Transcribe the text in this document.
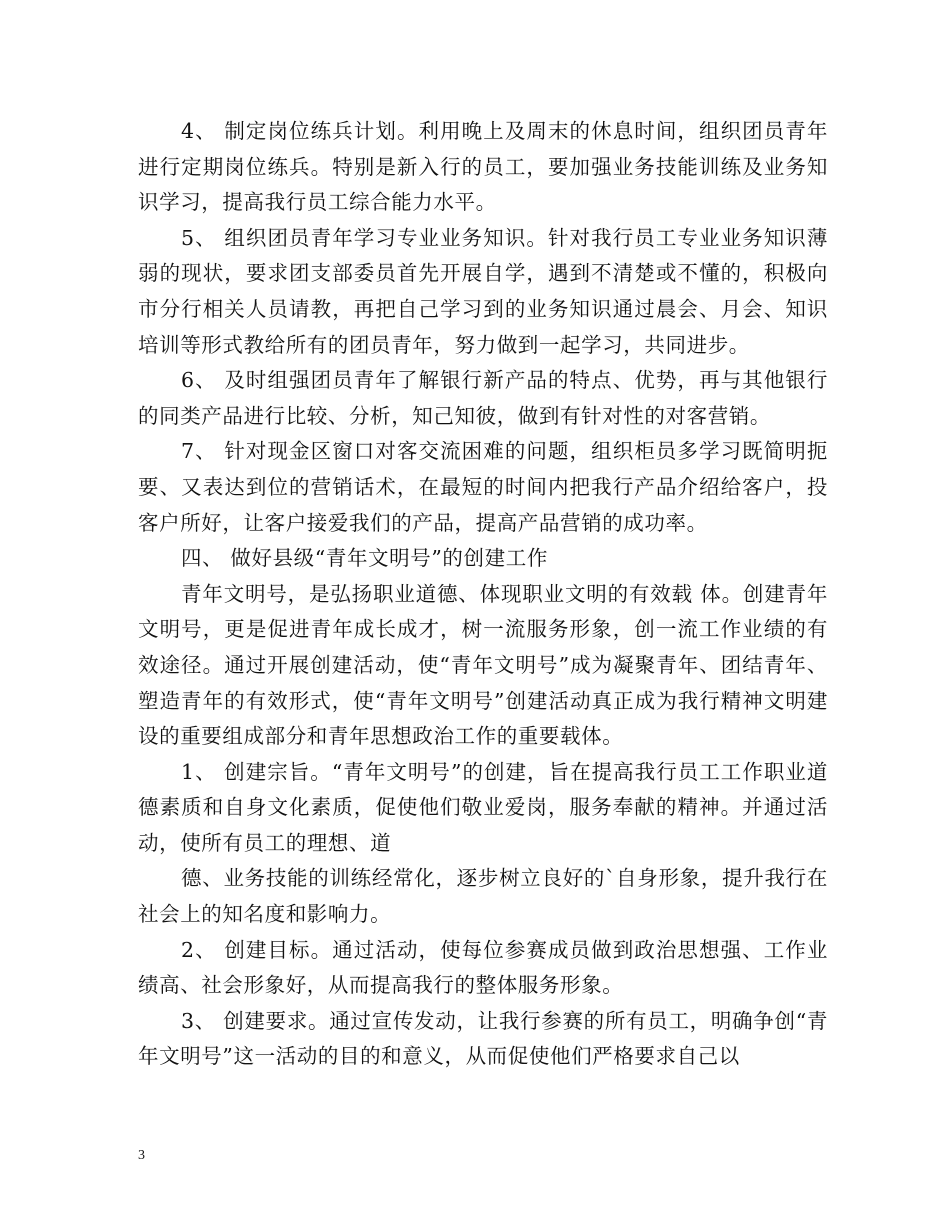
4、 制定岗位练兵计划。利用晚上及周末的休息时间，组织团员青年进行定期岗位练兵。特别是新入行的员工，要加强业务技能训练及业务知识学习，提高我行员工综合能力水平。

5、 组织团员青年学习专业业务知识。针对我行员工专业业务知识薄弱的现状，要求团支部委员首先开展自学，遇到不清楚或不懂的，积极向市分行相关人员请教，再把自己学习到的业务知识通过晨会、月会、知识培训等形式教给所有的团员青年，努力做到一起学习，共同进步。

6、 及时组强团员青年了解银行新产品的特点、优势，再与其他银行的同类产品进行比较、分析，知己知彼，做到有针对性的对客营销。

7、 针对现金区窗口对客交流困难的问题，组织柜员多学习既简明扼要、又表达到位的营销话术，在最短的时间内把我行产品介绍给客户，投客户所好，让客户接爱我们的产品，提高产品营销的成功率。

四、 做好县级“青年文明号”的创建工作

青年文明号，是弘扬职业道德、体现职业文明的有效载 体。创建青年文明号，更是促进青年成长成才，树一流服务形象，创一流工作业绩的有效途径。通过开展创建活动，使“青年文明号”成为凝聚青年、团结青年、塑造青年的有效形式，使“青年文明号”创建活动真正成为我行精神文明建设的重要组成部分和青年思想政治工作的重要载体。

1、 创建宗旨。“青年文明号”的创建，旨在提高我行员工工作职业道德素质和自身文化素质，促使他们敬业爱岗，服务奉献的精神。并通过活动，使所有员工的理想、道

德、业务技能的训练经常化，逐步树立良好的`自身形象，提升我行在社会上的知名度和影响力。

2、 创建目标。通过活动，使每位参赛成员做到政治思想强、工作业绩高、社会形象好，从而提高我行的整体服务形象。

3、 创建要求。通过宣传发动，让我行参赛的所有员工，明确争创“青年文明号”这一活动的目的和意义，从而促使他们严格要求自己以

3
